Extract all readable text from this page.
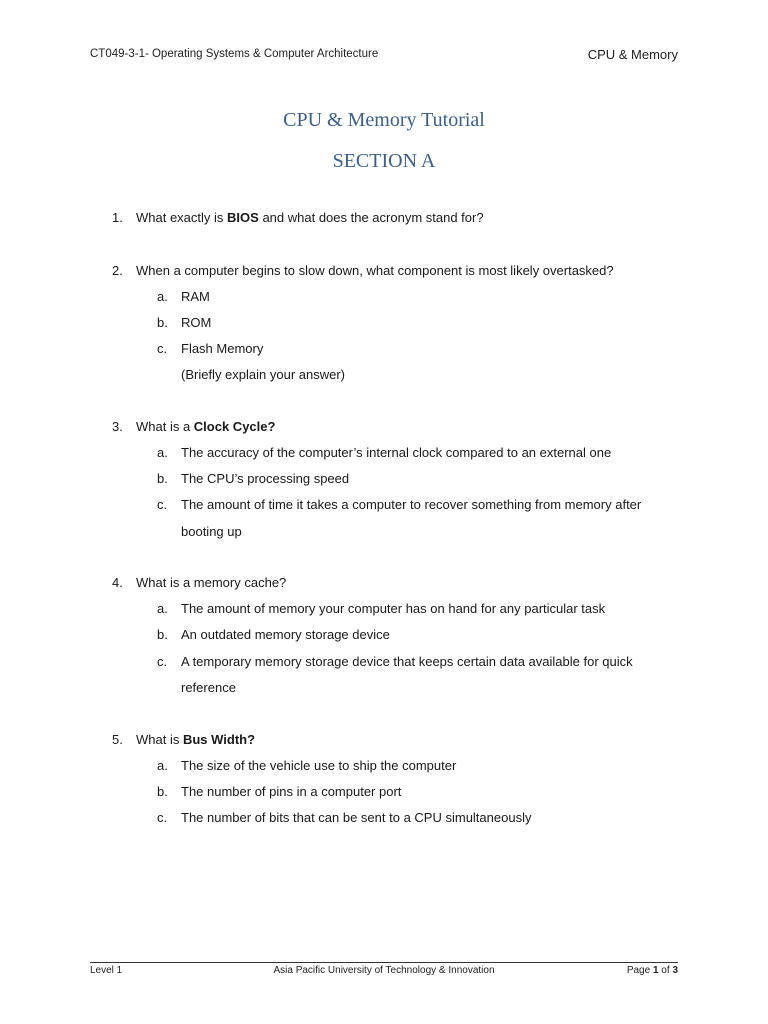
CT049-3-1- Operating Systems & Computer Architecture	CPU & Memory
CPU & Memory Tutorial
SECTION A
1. What exactly is BIOS and what does the acronym stand for?
2. When a computer begins to slow down, what component is most likely overtasked?
a. RAM
b. ROM
c. Flash Memory
(Briefly explain your answer)
3. What is a Clock Cycle?
a. The accuracy of the computer’s internal clock compared to an external one
b. The CPU’s processing speed
c. The amount of time it takes a computer to recover something from memory after
booting up
4. What is a memory cache?
a. The amount of memory your computer has on hand for any particular task
b. An outdated memory storage device
c. A temporary memory storage device that keeps certain data available for quick
reference
5. What is Bus Width?
a. The size of the vehicle use to ship the computer
b. The number of pins in a computer port
c. The number of bits that can be sent to a CPU simultaneously
Level 1	Asia Pacific University of Technology & Innovation	Page 1 of 3
